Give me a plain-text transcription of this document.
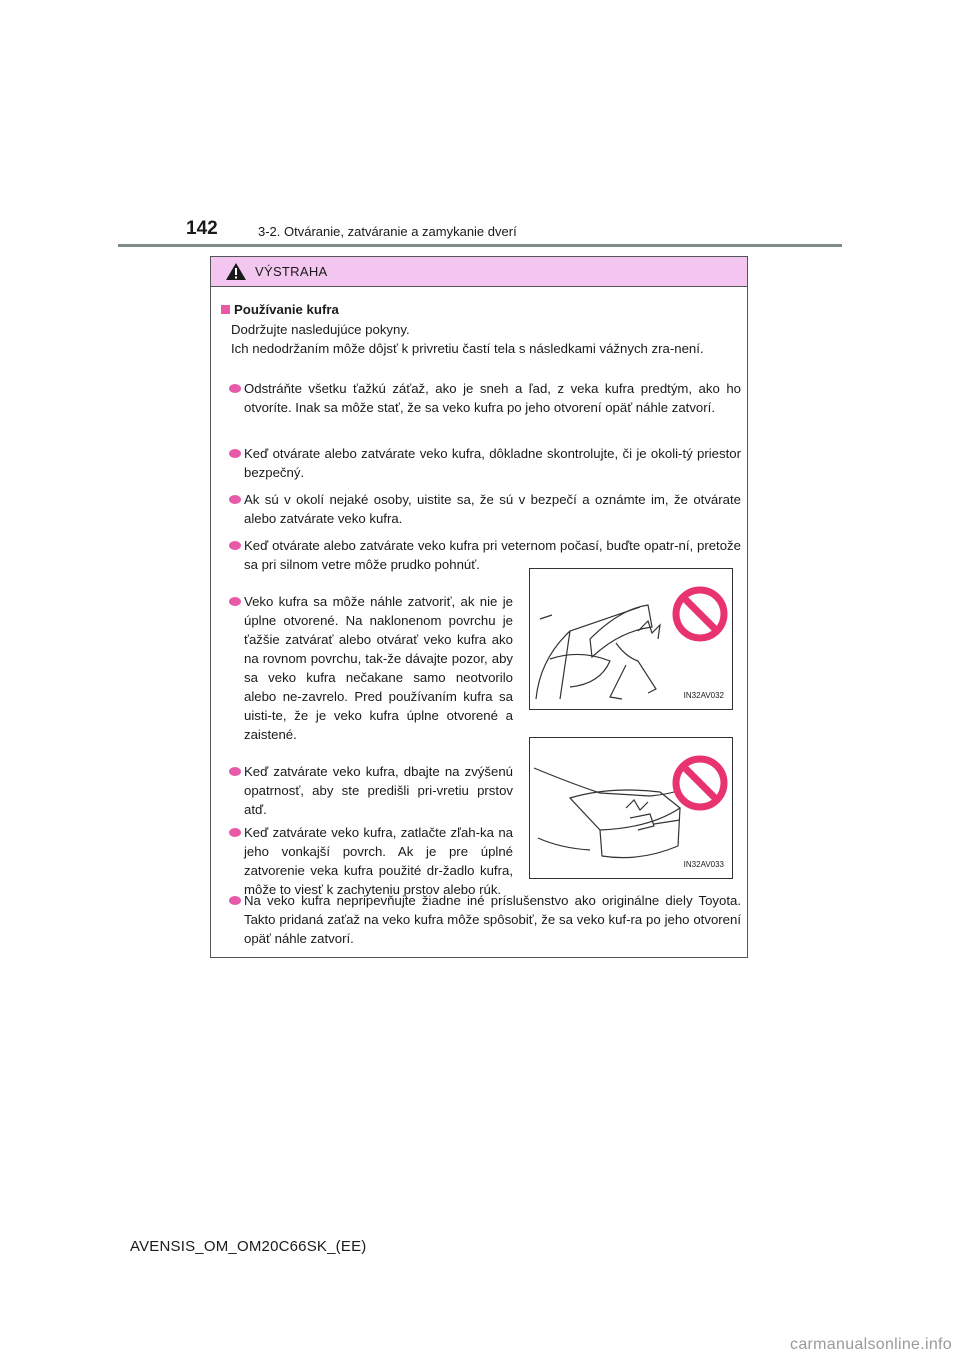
142	3-2. Otváranie, zatváranie a zamykanie dverí
VÝSTRAHA
Používanie kufra
Dodržujte nasledujúce pokyny.
Ich nedodržaním môže dôjsť k privretiu častí tela s následkami vážnych zra-není.
Odstráňte všetku ťažkú záťaž, ako je sneh a ľad, z veka kufra predtým, ako ho otvoríte. Inak sa môže stať, že sa veko kufra po jeho otvorení opäť náhle zatvorí.
Keď otvárate alebo zatvárate veko kufra, dôkladne skontrolujte, či je okoli-tý priestor bezpečný.
Ak sú v okolí nejaké osoby, uistite sa, že sú v bezpečí a oznámte im, že otvárate alebo zatvárate veko kufra.
Keď otvárate alebo zatvárate veko kufra pri veternom počasí, buďte opatr-ní, pretože sa pri silnom vetre môže prudko pohnúť.
Veko kufra sa môže náhle zatvoriť, ak nie je úplne otvorené. Na naklonenom povrchu je ťažšie zatvárať alebo otvárať veko kufra ako na rovnom povrchu, tak-že dávajte pozor, aby sa veko kufra nečakane samo neotvorilo alebo ne-zavrelo. Pred používaním kufra sa uisti-te, že je veko kufra úplne otvorené a zaistené.
IN32AV032
Keď zatvárate veko kufra, dbajte na zvýšenú opatrnosť, aby ste predišli pri-vretiu prstov atď.
Keď zatvárate veko kufra, zatlačte zľah-ka na jeho vonkajší povrch. Ak je pre úplné zatvorenie veka kufra použité dr-žadlo kufra, môže to viesť k zachyteniu prstov alebo rúk.
IN32AV033
Na veko kufra nepripevňujte žiadne iné príslušenstvo ako originálne diely Toyota. Takto pridaná zaťaž na veko kufra môže spôsobiť, že sa veko kuf-ra po jeho otvorení opäť náhle zatvorí.
AVENSIS_OM_OM20C66SK_(EE)
carmanualsonline.info
